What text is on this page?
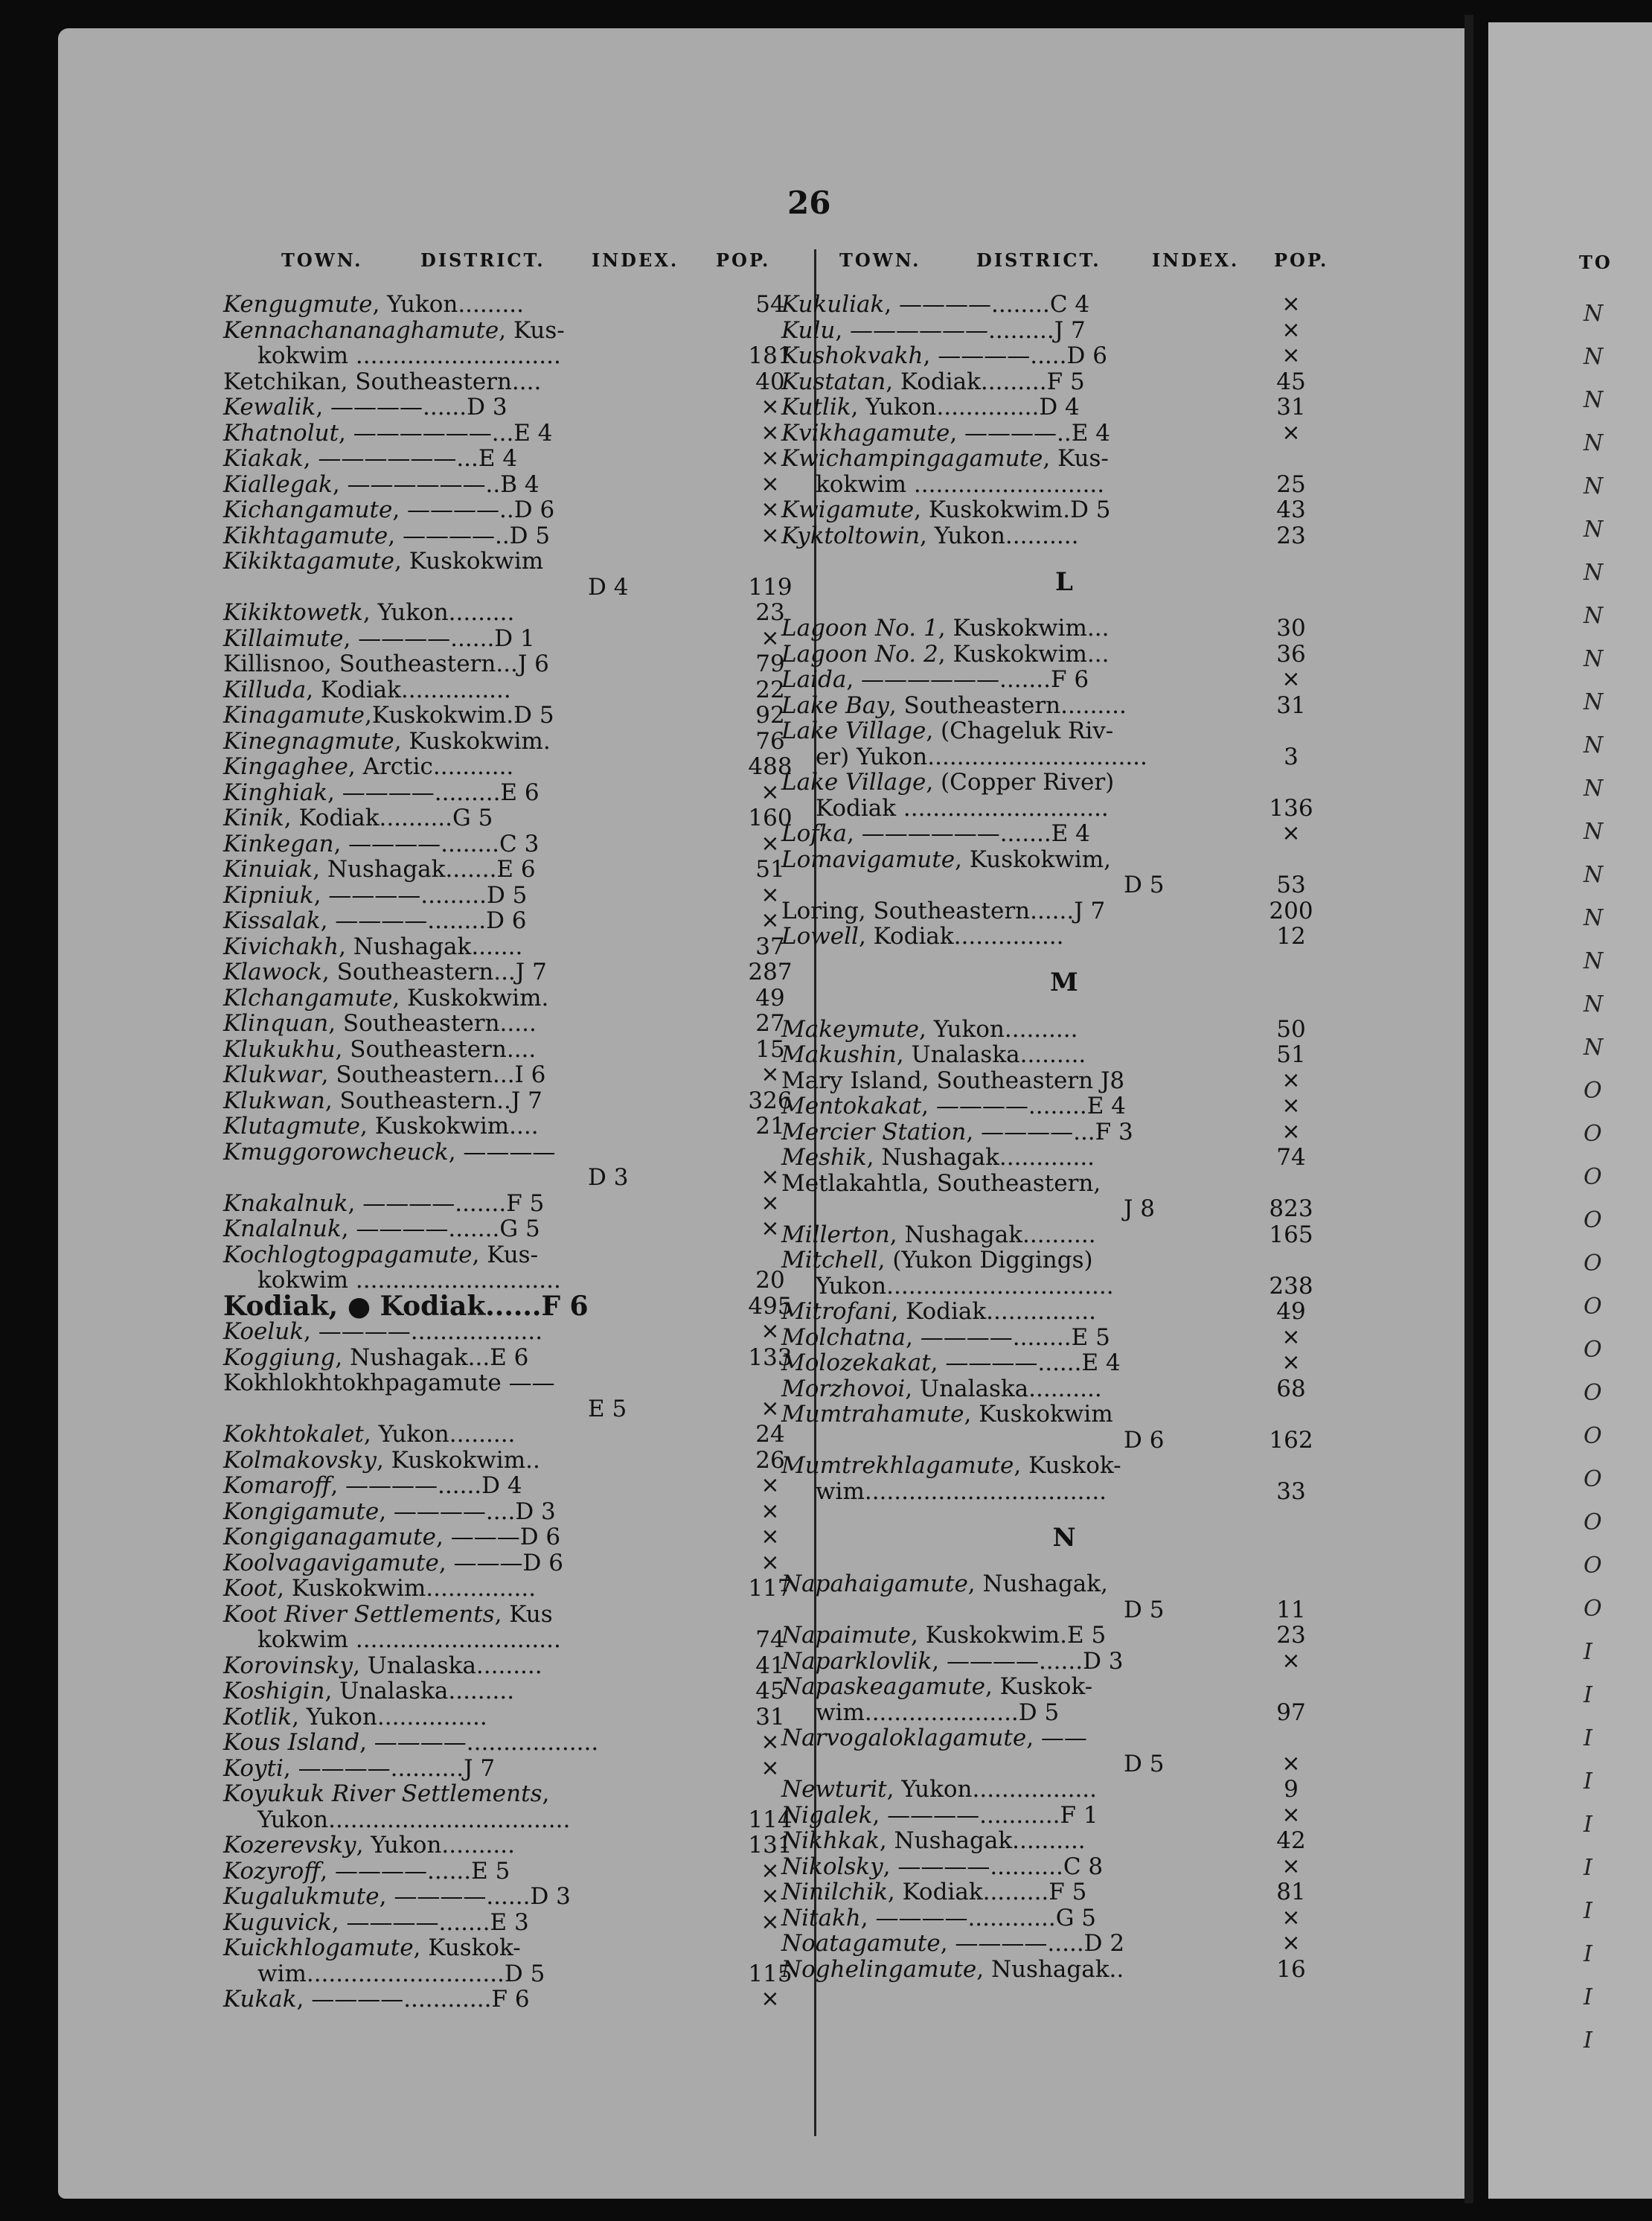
26
TOWN.	DISTRICT.	INDEX. POP.	TOWN.	DISTRICT.	INDEX. POP.	TO
Kengugmute, Yukon.........	54
Kennachananaghamute, Kus-
kokwim ............................	181
Ketchikan, Southeastern....	40
Kewalik, ————......D 3	×
Khatnolut, ——————...E 4	×
Kiakak, ——————...E 4	×
Kiallegak, ——————..B 4	×
Kichangamute, ————..D 6	×
Kikhtagamute, ————..D 5	×
Kikiktagamute, Kuskokwim
D 4	119
Kikiktowetk, Yukon.........	23
Killaimute, ————......D 1	×
Killisnoo, Southeastern...J 6	79
Killuda, Kodiak...............	22
Kinagamute,Kuskokwim.D 5	92
Kinegnagmute, Kuskokwim.	76
Kingaghee, Arctic...........	488
Kinghiak, ————.........E 6	×
Kinik, Kodiak..........G 5	160
Kinkegan, ————........C 3	×
Kinuiak, Nushagak.......E 6	51
Kipniuk, ————.........D 5	×
Kissalak, ————........D 6	×
Kivichakh, Nushagak.......	37
Klawock, Southeastern...J 7	287
Klchangamute, Kuskokwim.	49
Klinquan, Southeastern.....	27
Klukukhu, Southeastern....	15
Klukwar, Southeastern...I 6	×
Klukwan, Southeastern..J 7	326
Klutagmute, Kuskokwim....	21
Kmuggorowcheuck, ————
D 3	×
Knakalnuk, ————.......F 5	×
Knalalnuk, ————.......G 5	×
Kochlogtogpagamute, Kus-
kokwim ............................	20
Kodiak, ● Kodiak......F 6	495
Koeluk, ————..................	×
Koggiung, Nushagak...E 6	133
Kokhlokhtokhpagamute ——
E 5	×
Kokhtokalet, Yukon.........	24
Kolmakovsky, Kuskokwim..	26
Komaroff, ————......D 4	×
Kongigamute, ————....D 3	×
Kongiganagamute, ———D 6	×
Koolvagavigamute, ———D 6	×
Koot, Kuskokwim...............	117
Koot River Settlements, Kus
kokwim ............................	74
Korovinsky, Unalaska.........	41
Koshigin, Unalaska.........	45
Kotlik, Yukon...............	31
Kous Island, ————..................	×
Koyti, ————..........J 7	×
Koyukuk River Settlements,
Yukon.................................	114
Kozerevsky, Yukon..........	131
Kozyroff, ————......E 5	×
Kugalukmute, ————......D 3	×
Kuguvick, ————.......E 3	×
Kuickhlogamute, Kuskok-
wim...........................D 5	115
Kukak, ————............F 6	×
Kukuliak, ————........C 4	×
Kulu, ——————.........J 7	×
Kushokvakh, ————.....D 6	×
Kustatan, Kodiak.........F 5	45
Kutlik, Yukon..............D 4	31
Kvikhagamute, ————..E 4	×
Kwichampingagamute, Kus-
kokwim ..........................	25
Kwigamute, Kuskokwim.D 5	43
Kyktoltowin, Yukon..........	23
L
Lagoon No. 1, Kuskokwim...	30
Lagoon No. 2, Kuskokwim...	36
Laida, ——————.......F 6	×
Lake Bay, Southeastern.........	31
Lake Village, (Chageluk Riv-
er) Yukon..............................	3
Lake Village, (Copper River)
Kodiak ............................	136
Lofka, ——————.......E 4	×
Lomavigamute, Kuskokwim,
D 5	53
Loring, Southeastern......J 7	200
Lowell, Kodiak...............	12
M
Makeymute, Yukon..........	50
Makushin, Unalaska.........	51
Mary Island, Southeastern J8	×
Mentokakat, ————........E 4	×
Mercier Station, ————...F 3	×
Meshik, Nushagak.............	74
Metlakahtla, Southeastern,
J 8	823
Millerton, Nushagak..........	165
Mitchell, (Yukon Diggings)
Yukon...............................	238
Mitrofani, Kodiak...............	49
Molchatna, ————........E 5	×
Molozekakat, ————......E 4	×
Morzhovoi, Unalaska..........	68
Mumtrahamute, Kuskokwim
D 6	162
Mumtrekhlagamute, Kuskok-
wim.................................	33
N
Napahaigamute, Nushagak,
D 5	11
Napaimute, Kuskokwim.E 5	23
Naparklovlik, ————......D 3	×
Napaskeagamute, Kuskok-
wim.....................D 5	97
Narvogaloklagamute, ——
D 5	×
Newturit, Yukon.................	9
Nigalek, ————...........F 1	×
Nikhkak, Nushagak..........	42
Nikolsky, ————..........C 8	×
Ninilchik, Kodiak.........F 5	81
Nitakh, ————............G 5	×
Noatagamute, ————.....D 2	×
Noghelingamute, Nushagak..	16
N
N
N
N
N
N
N
N
N
N
N
N
N
N
N
N
N
N
O
O
O
O
O
O
O
O
O
O
O
O
O
I
I
I
I
I
I
I
I
I
I
